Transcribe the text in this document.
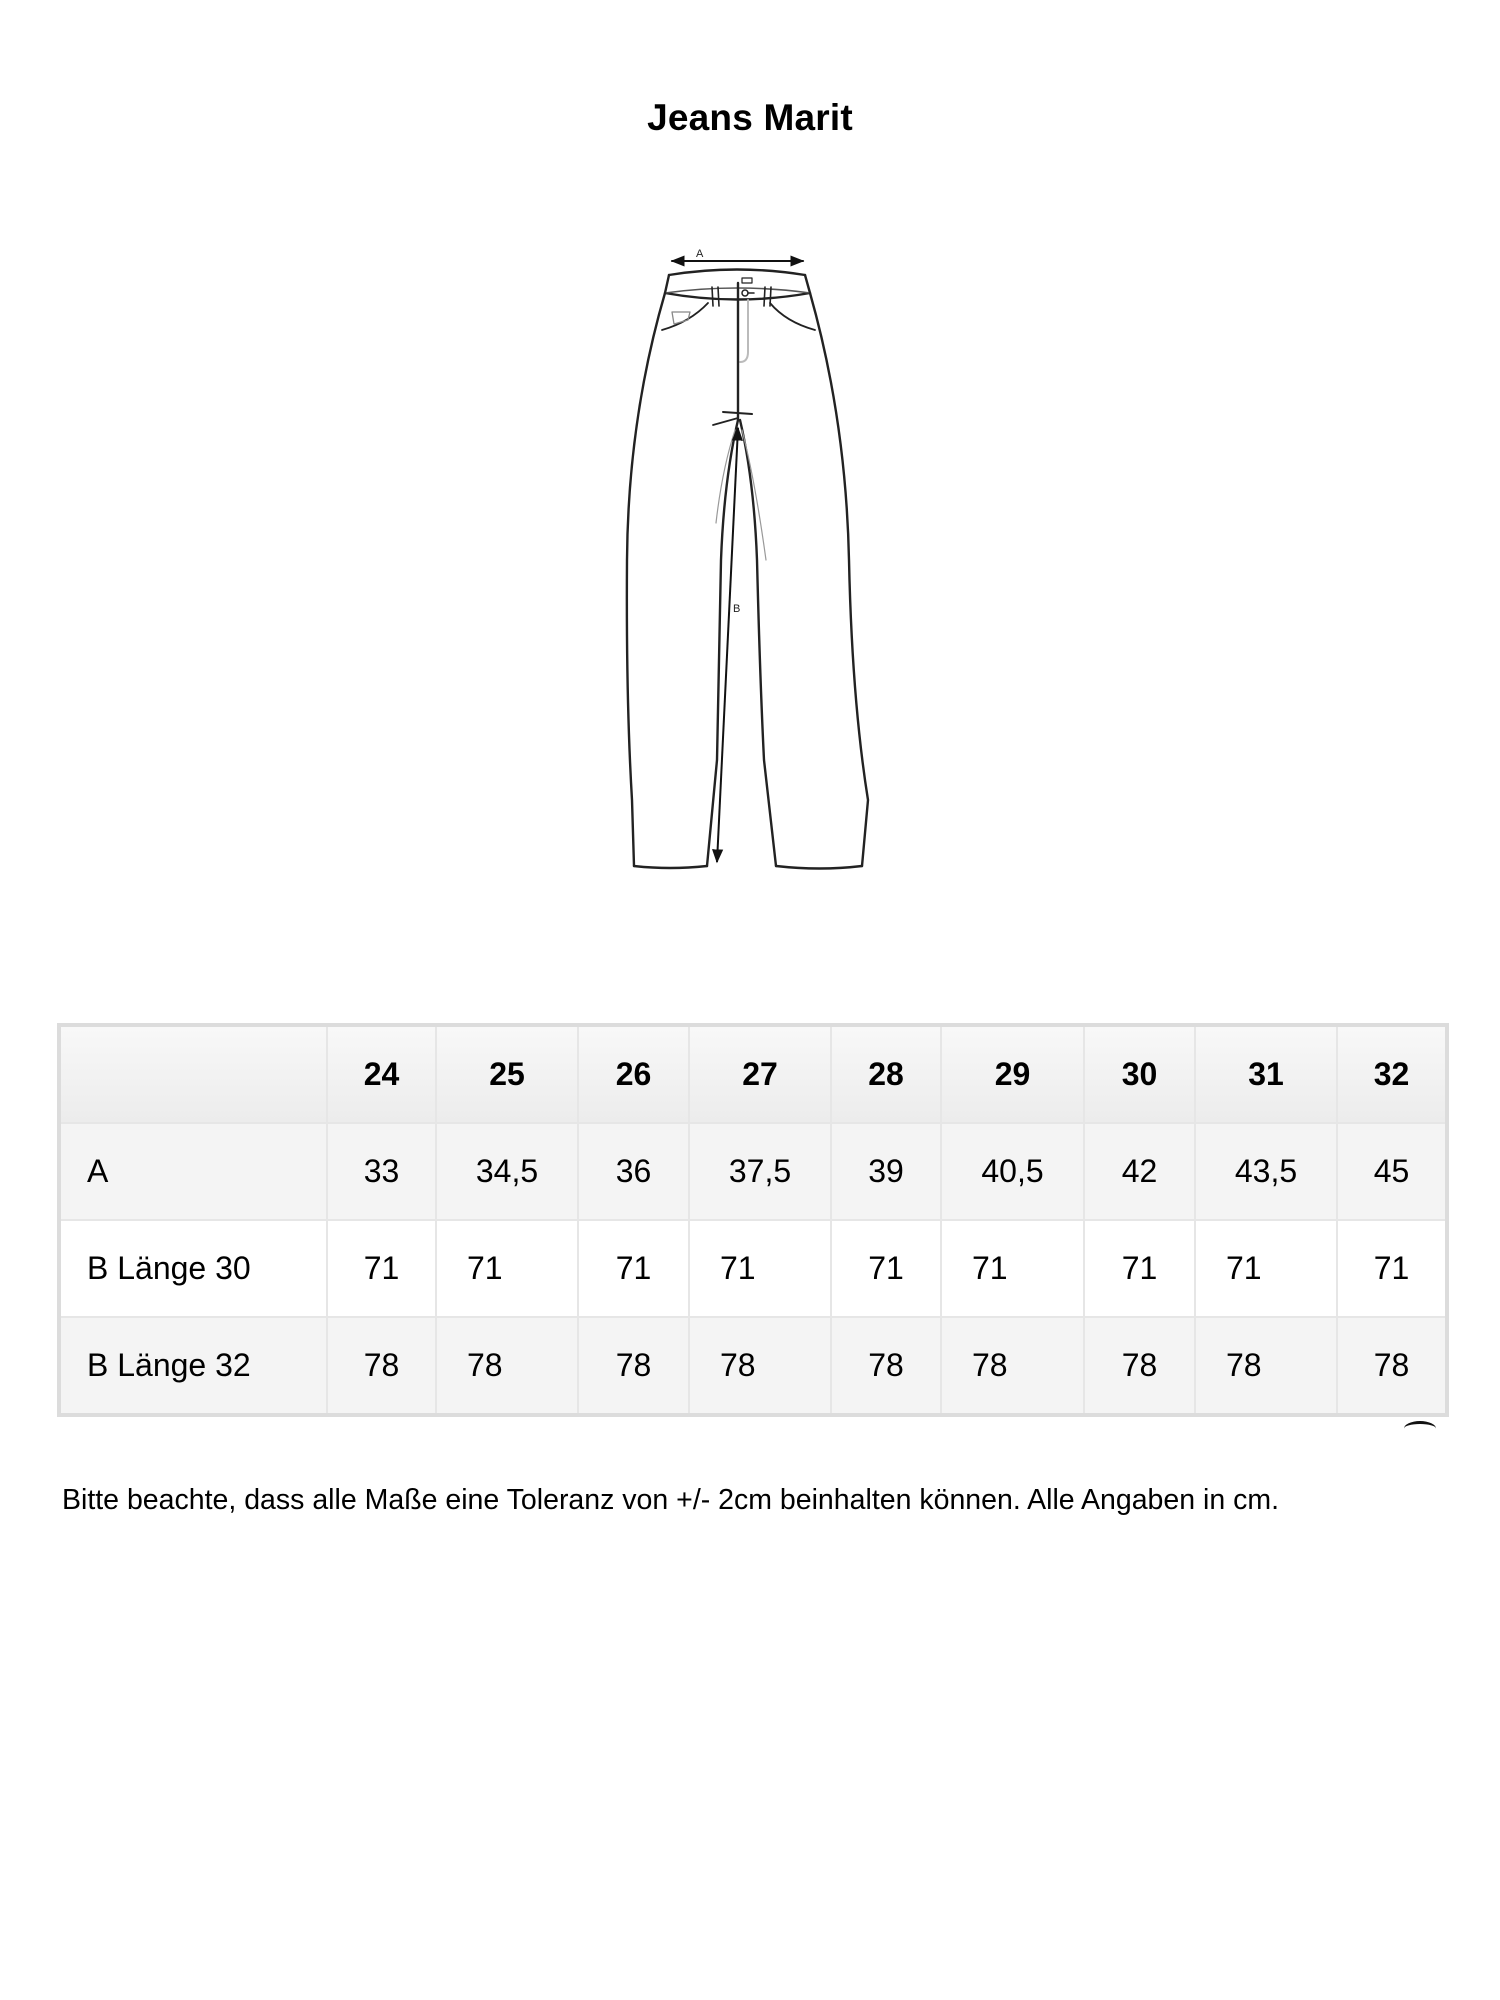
Jeans Marit
A
B
	24	25	26	27	28	29	30	31	32
A	33	34,5	36	37,5	39	40,5	42	43,5	45
B Länge 30	71	71	71	71	71	71	71	71	71
B Länge 32	78	78	78	78	78	78	78	78	78
Bitte beachte, dass alle Maße eine Toleranz von +/- 2cm beinhalten können. Alle Angaben in cm.
